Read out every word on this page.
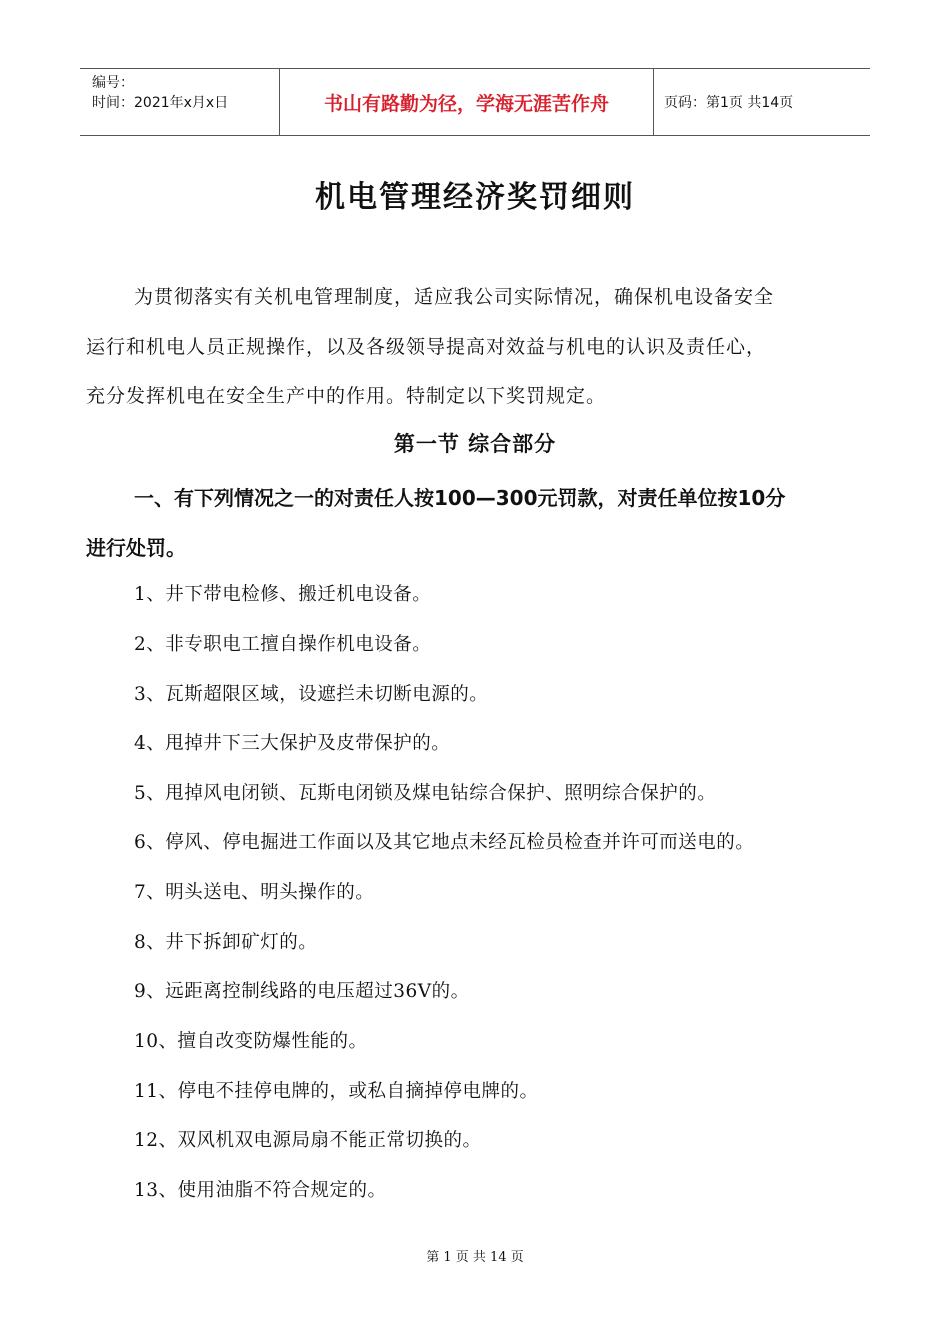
编号：
时间：2021年x月x日	书山有路勤为径，学海无涯苦作舟	页码：第1页 共14页
机电管理经济奖罚细则
为贯彻落实有关机电管理制度，适应我公司实际情况，确保机电设备安全
运行和机电人员正规操作，以及各级领导提高对效益与机电的认识及责任心，
充分发挥机电在安全生产中的作用。特制定以下奖罚规定。
第一节 综合部分
一、有下列情况之一的对责任人按100—300元罚款，对责任单位按10分
进行处罚。
1、井下带电检修、搬迁机电设备。
2、非专职电工擅自操作机电设备。
3、瓦斯超限区域，设遮拦未切断电源的。
4、甩掉井下三大保护及皮带保护的。
5、甩掉风电闭锁、瓦斯电闭锁及煤电钻综合保护、照明综合保护的。
6、停风、停电掘进工作面以及其它地点未经瓦检员检查并许可而送电的。
7、明头送电、明头操作的。
8、井下拆卸矿灯的。
9、远距离控制线路的电压超过36V的。
10、擅自改变防爆性能的。
11、停电不挂停电牌的，或私自摘掉停电牌的。
12、双风机双电源局扇不能正常切换的。
13、使用油脂不符合规定的。
第 1 页 共 14 页
